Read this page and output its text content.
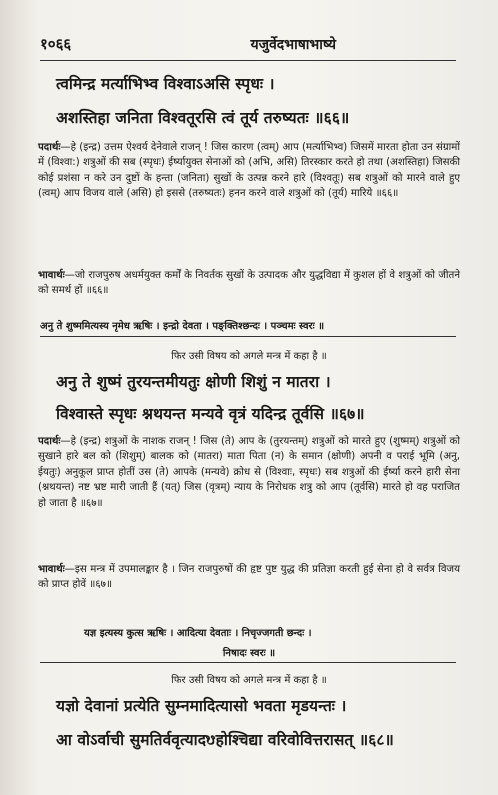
१०६६	यजुर्वेदभाषाभाष्ये
त्वमिन्द्र मर्त्याभिभ्व विश्वाऽअसि स्पृधः ।
अशस्तिहा जनिता विश्वतूरसि त्वं तूर्य तरुष्यतः ॥६६॥
पदार्थः—हे (इन्द्र) उत्तम ऐश्वर्य देनेवाले राजन् ! जिस कारण (त्वम्) आप (मर्त्याभिभ्व) जिसमें मारता होता उन संग्रामों में (विश्वा:) शत्रुओं की सब (स्पृधः) ईर्ष्यायुक्त सेनाओं को (अभि, असि) तिरस्कार करते हो तथा (अशस्तिहा) जिसकी कोई प्रशंसा न करे उन दुष्टों के हन्ता (जनिता) सुखों के उत्पन्न करने हारे (विश्वतूः) सब शत्रुओं को मारने वाले हुए (त्वम्) आप विजय वाले (असि) हो इससे (तरुष्यतः) हनन करने वाले शत्रुओं को (तूर्य) मारिये ॥६६॥
भावार्थः—जो राजपुरुष अधर्मयुक्त कर्मों के निवर्तक सुखों के उत्पादक और युद्धविद्या में कुशल हों वे शत्रुओं को जीतने को समर्थ हों ॥६६॥
अनु ते शुष्ममित्यस्य नृमेध ऋषिः । इन्द्रो देवता । पङ्क्तिश्छन्दः । पञ्चमः स्वरः ॥
फिर उसी विषय को अगले मन्त्र में कहा है ॥
अनु ते शुष्मं तुरयन्तमीयतुः क्षोणी शिशुं न मातरा ।
विश्वास्ते स्पृधः श्नथयन्त मन्यवे वृत्रं यदिन्द्र तूर्वसि ॥६७॥
पदार्थः—हे (इन्द्र) शत्रुओं के नाशक राजन् ! जिस (ते) आप के (तुरयन्तम्) शत्रुओं को मारते हुए (शुष्मम्) शत्रुओं को सुखाने हारे बल को (शिशुम्) बालक को (मातरा) माता पिता (न) के समान (क्षोणी) अपनी व पराई भूमि (अनु, ईयतुः) अनुकूल प्राप्त होतीं उस (ते) आपके (मन्यवे) क्रोध से (विश्वाः, स्पृधः) सब शत्रुओं की ईर्ष्या करने हारी सेना (श्नथयन्त) नष्ट भ्रष्ट मारी जाती हैं (यत्) जिस (वृत्रम्) न्याय के निरोधक शत्रु को आप (तूर्वसि) मारते हो वह पराजित हो जाता है ॥६७॥
भावार्थः—इस मन्त्र में उपमालङ्कार है । जिन राजपुरुषों की हृष्ट पुष्ट युद्ध की प्रतिज्ञा करती हुई सेना हो वे सर्वत्र विजय को प्राप्त होवें ॥६७॥
यज्ञ इत्यस्य कुत्स ऋषिः । आदित्या देवताः । निचृज्जगती छन्दः ।
निषादः स्वरः ॥
फिर उसी विषय को अगले मन्त्र में कहा है ॥
यज्ञो देवानां प्रत्येति सुम्नमादित्यासो भवता मृडयन्तः ।
आ वोऽर्वाची सुमतिर्ववृत्यादᳪहोश्चिद्या वरिवोवित्तरासत् ॥६८॥
